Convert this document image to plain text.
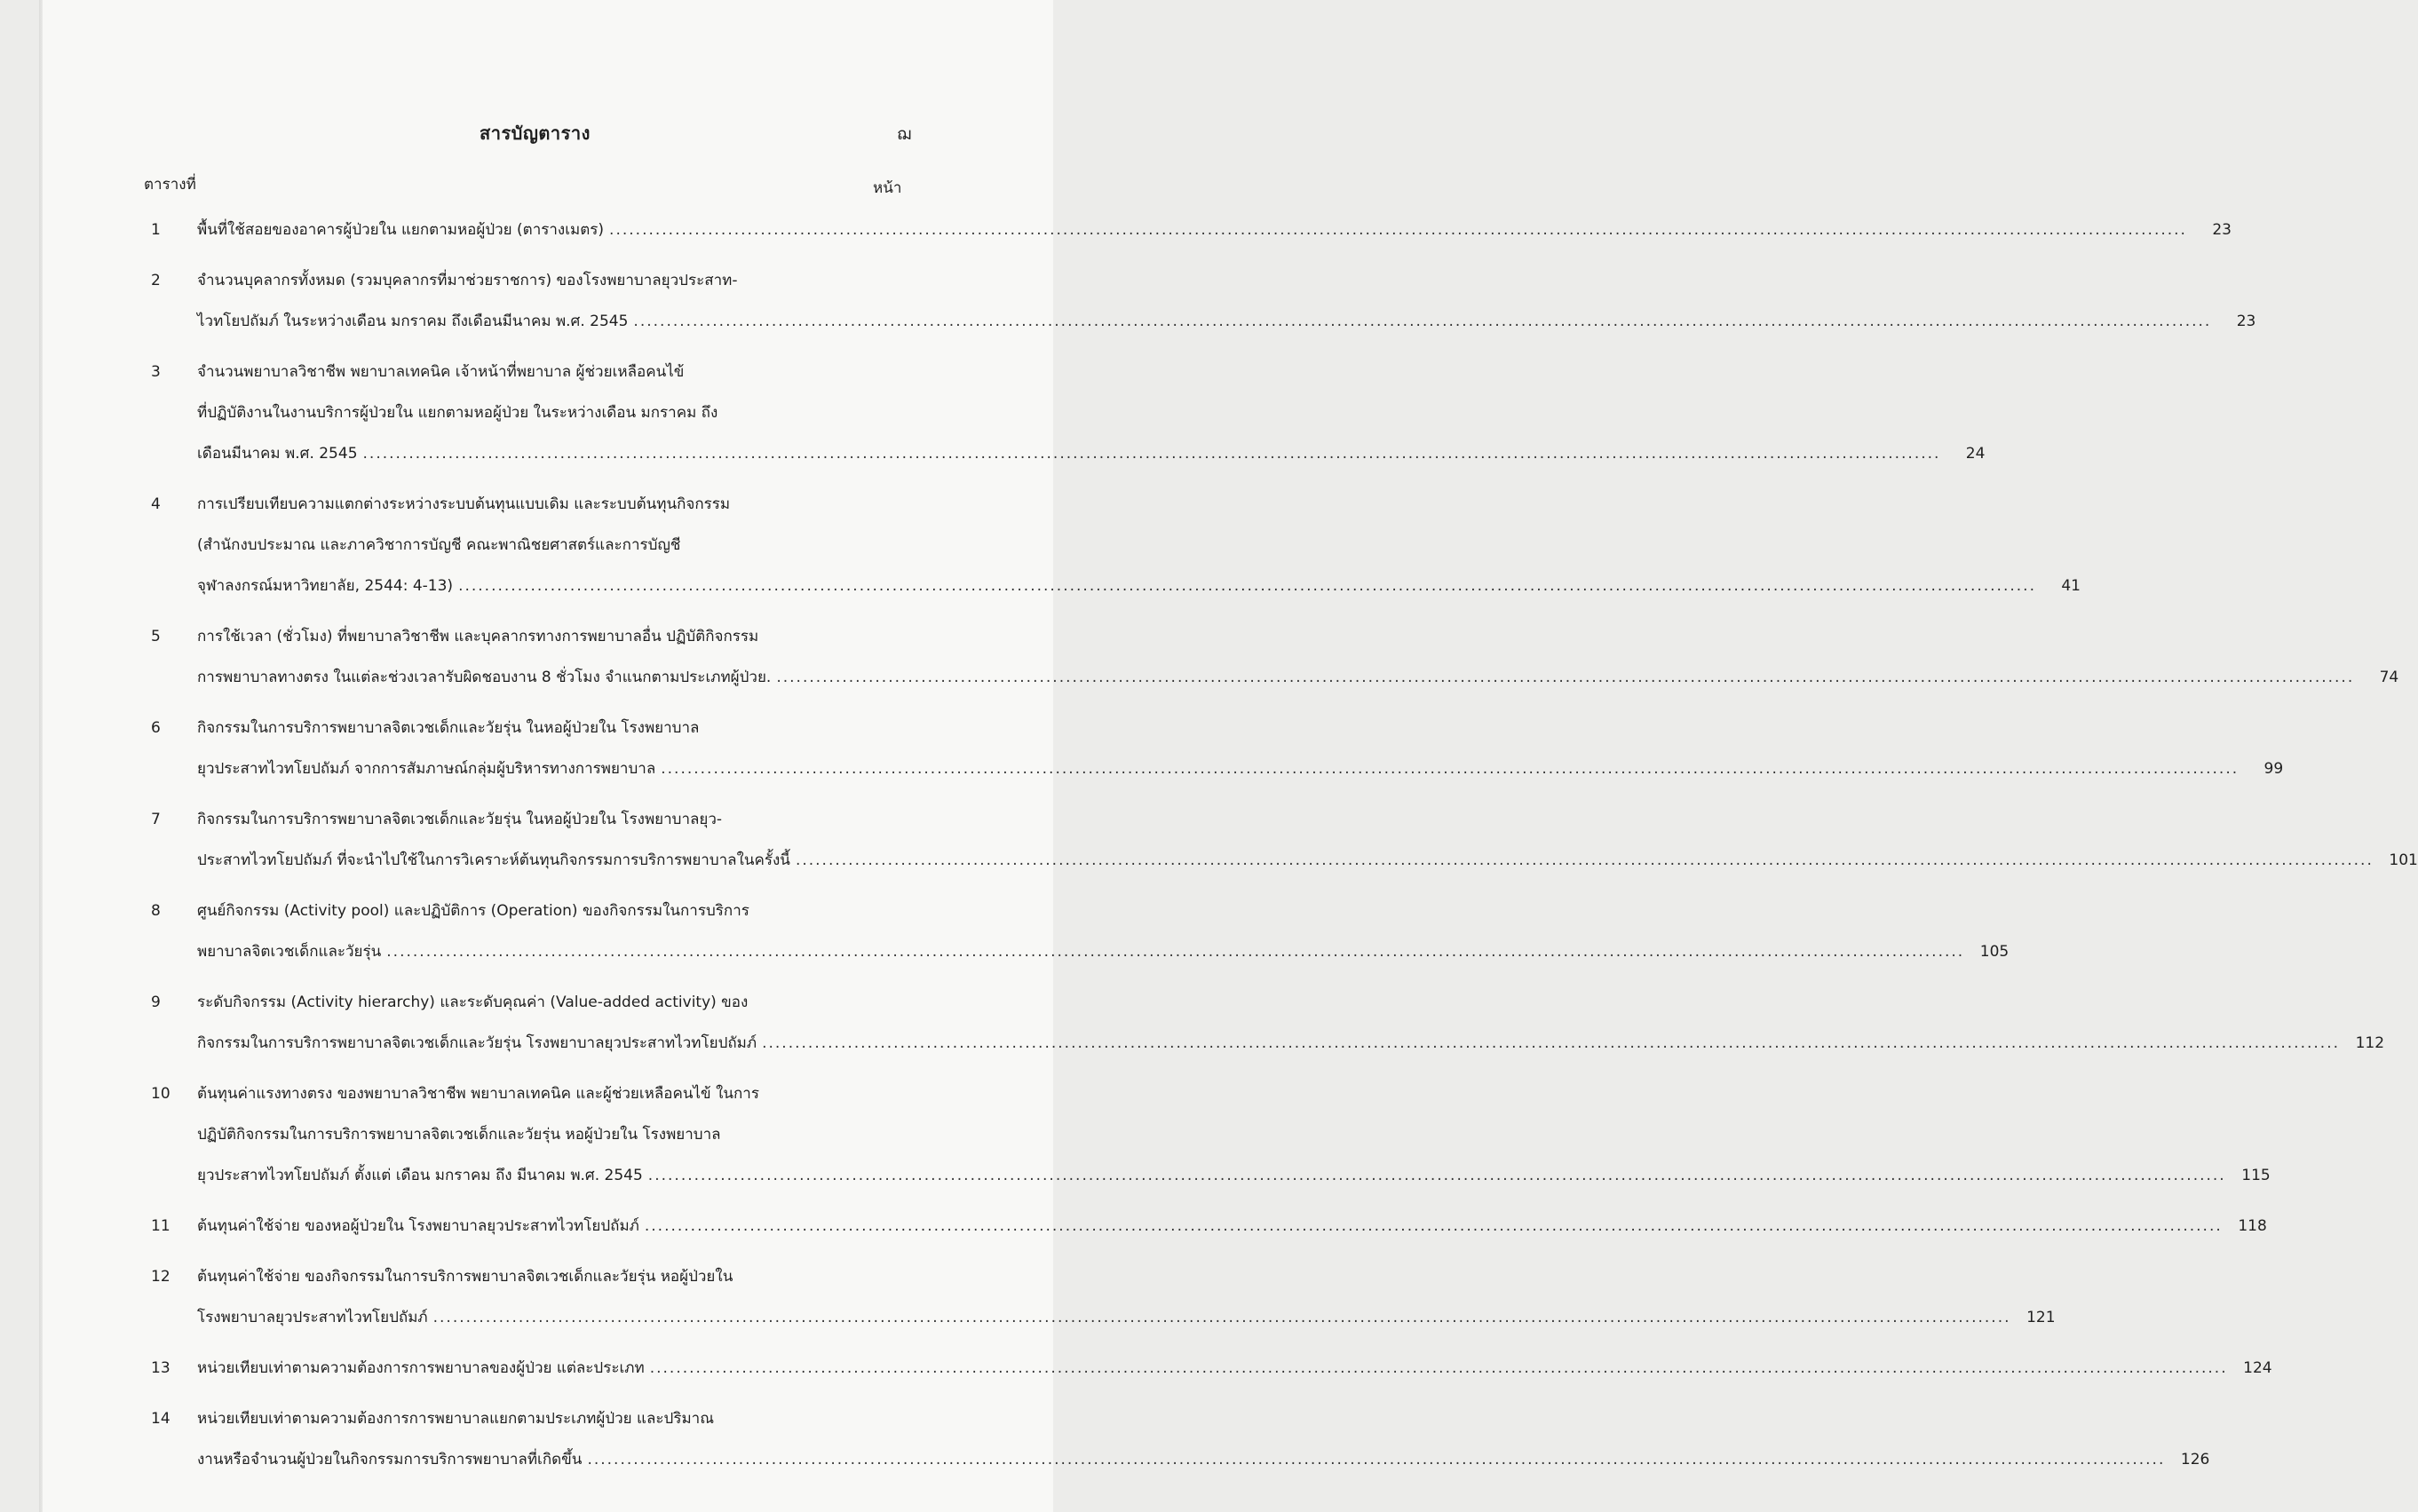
สารบัญตาราง	ฌ
ตารางที่	หน้า
1	พื้นที่ใช้สอยของอาคารผู้ป่วยใน แยกตามหอผู้ป่วย (ตารางเมตร) .....	23
2	จำนวนบุคลากรทั้งหมด (รวมบุคลากรที่มาช่วยราชการ) ของโรงพยาบาลยุวประสาท-
ไวทโยปถัมภ์ ในระหว่างเดือน มกราคม ถึงเดือนมีนาคม พ.ศ. 2545 .....	23
3	จำนวนพยาบาลวิชาชีพ พยาบาลเทคนิค เจ้าหน้าที่พยาบาล ผู้ช่วยเหลือคนไข้
ที่ปฏิบัติงานในงานบริการผู้ป่วยใน แยกตามหอผู้ป่วย ในระหว่างเดือน มกราคม ถึง
เดือนมีนาคม พ.ศ. 2545 .....	24
4	การเปรียบเทียบความแตกต่างระหว่างระบบต้นทุนแบบเดิม และระบบต้นทุนกิจกรรม
(สำนักงบประมาณ และภาควิชาการบัญชี คณะพาณิชยศาสตร์และการบัญชี
จุฬาลงกรณ์มหาวิทยาลัย, 2544: 4-13) .....	41
5	การใช้เวลา (ชั่วโมง) ที่พยาบาลวิชาชีพ และบุคลากรทางการพยาบาลอื่น ปฏิบัติกิจกรรม
การพยาบาลทางตรง ในแต่ละช่วงเวลารับผิดชอบงาน 8 ชั่วโมง จำแนกตามประเภทผู้ป่วย. .....	74
6	กิจกรรมในการบริการพยาบาลจิตเวชเด็กและวัยรุ่น ในหอผู้ป่วยใน โรงพยาบาล
ยุวประสาทไวทโยปถัมภ์ จากการสัมภาษณ์กลุ่มผู้บริหารทางการพยาบาล .....	99
7	กิจกรรมในการบริการพยาบาลจิตเวชเด็กและวัยรุ่น ในหอผู้ป่วยใน โรงพยาบาลยุว-
ประสาทไวทโยปถัมภ์ ที่จะนำไปใช้ในการวิเคราะห์ต้นทุนกิจกรรมการบริการพยาบาลในครั้งนี้ .....	101
8	ศูนย์กิจกรรม (Activity pool) และปฏิบัติการ (Operation) ของกิจกรรมในการบริการ
พยาบาลจิตเวชเด็กและวัยรุ่น .....	105
9	ระดับกิจกรรม (Activity hierarchy) และระดับคุณค่า (Value-added activity) ของ
กิจกรรมในการบริการพยาบาลจิตเวชเด็กและวัยรุ่น โรงพยาบาลยุวประสาทไวทโยปถัมภ์ .....	112
10	ต้นทุนค่าแรงทางตรง ของพยาบาลวิชาชีพ พยาบาลเทคนิค และผู้ช่วยเหลือคนไข้ ในการ
ปฏิบัติกิจกรรมในการบริการพยาบาลจิตเวชเด็กและวัยรุ่น หอผู้ป่วยใน โรงพยาบาล
ยุวประสาทไวทโยปถัมภ์ ตั้งแต่ เดือน มกราคม ถึง มีนาคม พ.ศ. 2545 .....	115
11	ต้นทุนค่าใช้จ่าย ของหอผู้ป่วยใน โรงพยาบาลยุวประสาทไวทโยปถัมภ์ .....	118
12	ต้นทุนค่าใช้จ่าย ของกิจกรรมในการบริการพยาบาลจิตเวชเด็กและวัยรุ่น หอผู้ป่วยใน
โรงพยาบาลยุวประสาทไวทโยปถัมภ์ .....	121
13	หน่วยเทียบเท่าตามความต้องการการพยาบาลของผู้ป่วย แต่ละประเภท .....	124
14	หน่วยเทียบเท่าตามความต้องการการพยาบาลแยกตามประเภทผู้ป่วย และปริมาณ
งานหรือจำนวนผู้ป่วยในกิจกรรมการบริการพยาบาลที่เกิดขึ้น .....	126
